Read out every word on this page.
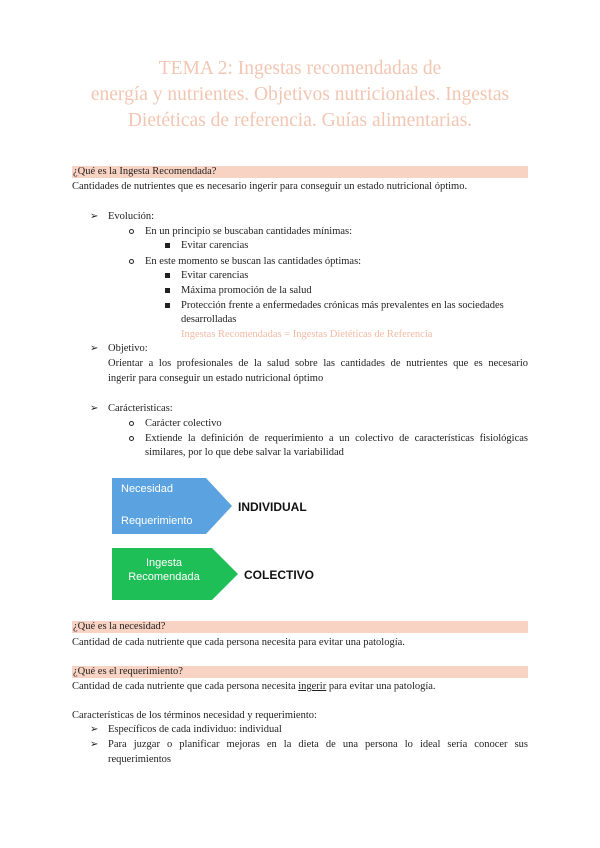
TEMA 2: Ingestas recomendadas de
energía y nutrientes. Objetivos nutricionales. Ingestas
Dietéticas de referencia. Guías alimentarias.
¿Qué es la Ingesta Recomendada?
Cantidades de nutrientes que es necesario ingerir para conseguir un estado nutricional óptimo.
➢ Evolución:
En un principio se buscaban cantidades mínimas:
Evitar carencias
En este momento se buscan las cantidades óptimas:
Evitar carencias
Máxima promoción de la salud
Protección frente a enfermedades crónicas más prevalentes en las sociedades
desarrolladas
Ingestas Recomendadas = Ingestas Dietéticas de Referencia
➢ Objetivo:
Orientar a los profesionales de la salud sobre las cantidades de nutrientes que es necesario
ingerir para conseguir un estado nutricional óptimo
➢ Carácteristicas:
Carácter colectivo
Extiende la definición de requerimiento a un colectivo de características fisiológicas
similares, por lo que debe salvar la variabilidad
Necesidad
Requerimiento
INDIVIDUAL
Ingesta
Recomendada	COLECTIVO
¿Qué es la necesidad?
Cantidad de cada nutriente que cada persona necesita para evitar una patología.
¿Qué es el requerimiento?
Cantidad de cada nutriente que cada persona necesita ingerir para evitar una patología.
Características de los términos necesidad y requerimiento:
➢ Específicos de cada individuo: individual
➢ Para juzgar o planificar mejoras en la dieta de una persona lo ideal sería conocer sus
requerimientos
